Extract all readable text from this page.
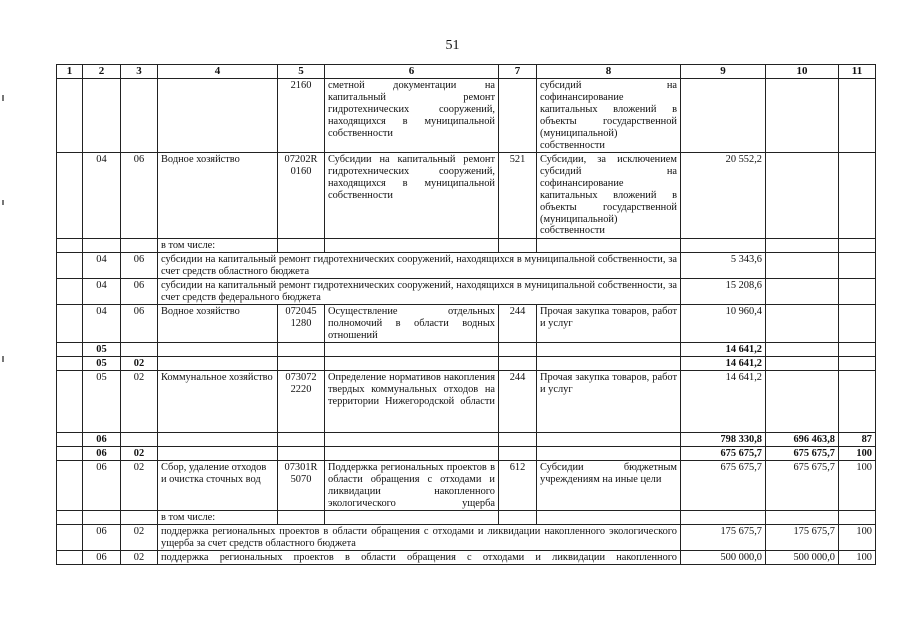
51
1	2	3	4	5	6	7	8	9	10	11
				2160	сметной документации на капитальный ремонт гидротехнических сооружений, находящихся в муниципальной собственности		субсидий на софинансирование капитальных вложений в объекты государственной (муниципальной) собственности			
	04	06	Водное хозяйство	07202R 0160	Субсидии на капитальный ремонт гидротехнических сооружений, находящихся в муниципальной собственности	521	Субсидии, за исключением субсидий на софинансирование капитальных вложений в объекты государственной (муниципальной) собственности	20 552,2		
			в том числе:							
	04	06	субсидии на капитальный ремонт гидротехнических сооружений, находящихся в муниципальной собственности, за счет средств областного бюджета					5 343,6		
	04	06	субсидии на капитальный ремонт гидротехнических сооружений, находящихся в муниципальной собственности, за счет средств федерального бюджета					15 208,6		
	04	06	Водное хозяйство	072045 1280	Осуществление отдельных полномочий в области водных отношений	244	Прочая закупка товаров, работ и услуг	10 960,4		
	05							14 641,2		
	05	02						14 641,2		
	05	02	Коммунальное хозяйство	073072 2220	Определение нормативов накопления твердых коммунальных отходов на территории Нижегородской области	244	Прочая закупка товаров, работ и услуг	14 641,2		
	06							798 330,8	696 463,8	87
	06	02						675 675,7	675 675,7	100
	06	02	Сбор, удаление отходов и очистка сточных вод	07301R 5070	Поддержка региональных проектов в области обращения с отходами и ликвидации накопленного экологического ущерба	612	Субсидии бюджетным учреждениям на иные цели	675 675,7	675 675,7	100
			в том числе:							
	06	02	поддержка региональных проектов в области обращения с отходами и ликвидации накопленного экологического ущерба за счет средств областного бюджета					175 675,7	175 675,7	100
	06	02	поддержка региональных проектов в области обращения с отходами и ликвидации накопленного					500 000,0	500 000,0	100
